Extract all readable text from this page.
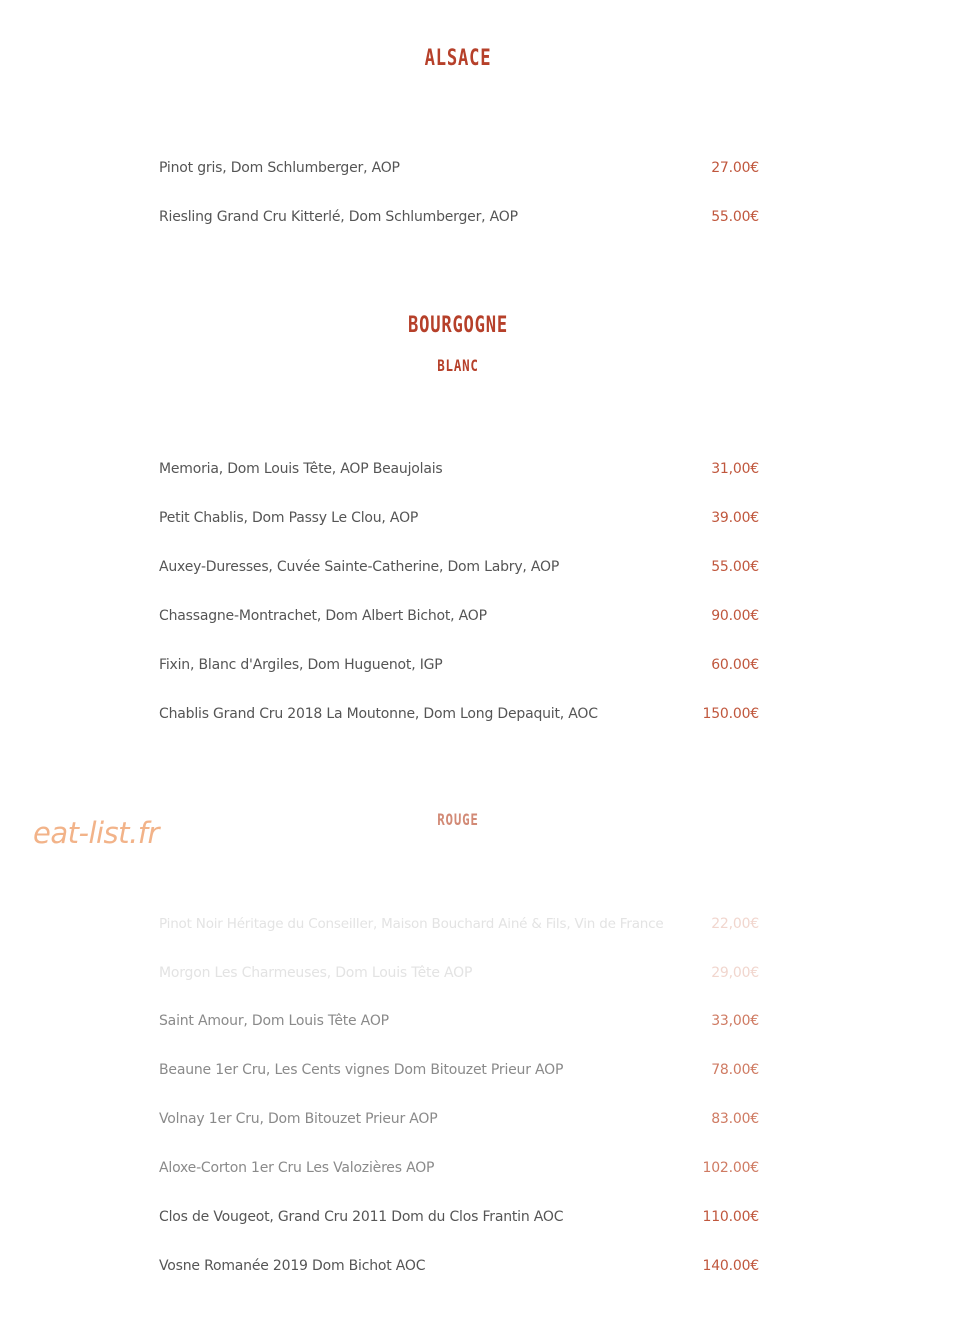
ALSACE
Pinot gris, Dom Schlumberger, AOP	27.00€
Riesling Grand Cru Kitterlé, Dom Schlumberger, AOP	55.00€
BOURGOGNE
BLANC
Memoria, Dom Louis Tête, AOP Beaujolais	31,00€
Petit Chablis, Dom Passy Le Clou, AOP	39.00€
Auxey-Duresses, Cuvée Sainte-Catherine, Dom Labry, AOP	55.00€
Chassagne-Montrachet, Dom Albert Bichot, AOP	90.00€
Fixin, Blanc d'Argiles, Dom Huguenot, IGP	60.00€
Chablis Grand Cru 2018 La Moutonne, Dom Long Depaquit, AOC	150.00€
eat-list.fr	ROUGE
Pinot Noir Héritage du Conseiller, Maison Bouchard Ainé & Fils, Vin de France	22,00€
Morgon Les Charmeuses, Dom Louis Tête AOP	29,00€
Saint Amour, Dom Louis Tête AOP	33,00€
Beaune 1er Cru, Les Cents vignes Dom Bitouzet Prieur AOP	78.00€
Volnay 1er Cru, Dom Bitouzet Prieur AOP	83.00€
Aloxe-Corton 1er Cru Les Valozières AOP	102.00€
Clos de Vougeot, Grand Cru 2011 Dom du Clos Frantin AOC	110.00€
Vosne Romanée 2019 Dom Bichot AOC	140.00€
